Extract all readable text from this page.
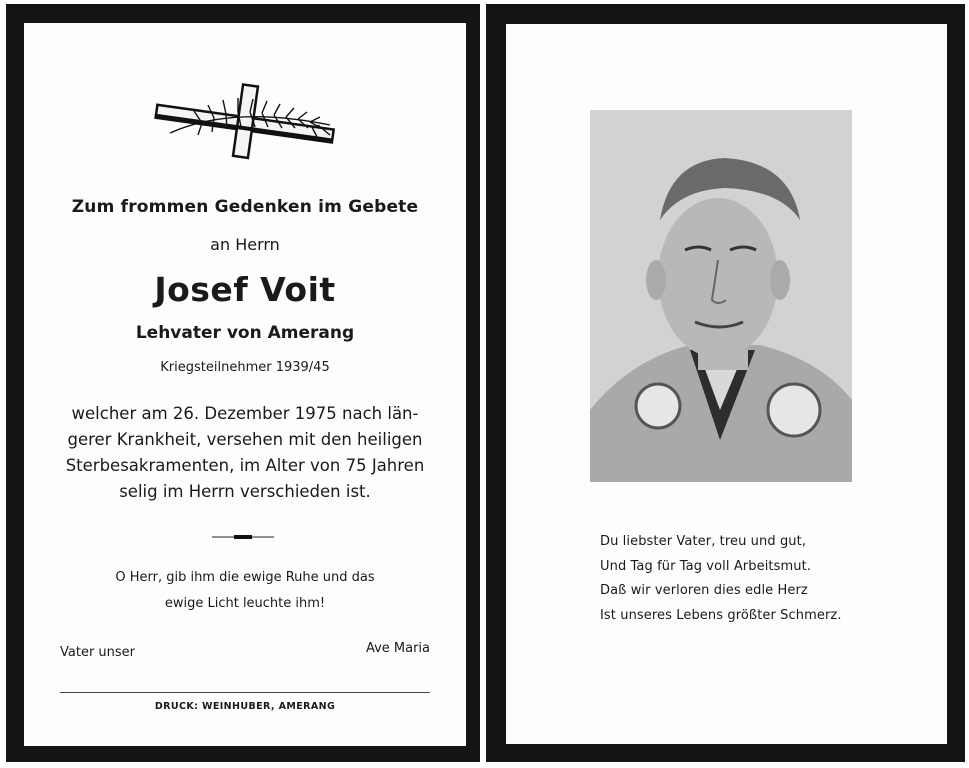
Zum frommen Gedenken im Gebete
an Herrn
Josef Voit
Lehvater von Amerang
Kriegsteilnehmer 1939/45
welcher am 26. Dezember 1975 nach län-
gerer Krankheit, versehen mit den heiligen
Sterbesakramenten, im Alter von 75 Jahren
selig im Herrn verschieden ist.
O Herr, gib ihm die ewige Ruhe und das
ewige Licht leuchte ihm!
Vater unser	Ave Maria
DRUCK: WEINHUBER, AMERANG
Du liebster Vater, treu und gut,
Und Tag für Tag voll Arbeitsmut.
Daß wir verloren dies edle Herz
Ist unseres Lebens größter Schmerz.
